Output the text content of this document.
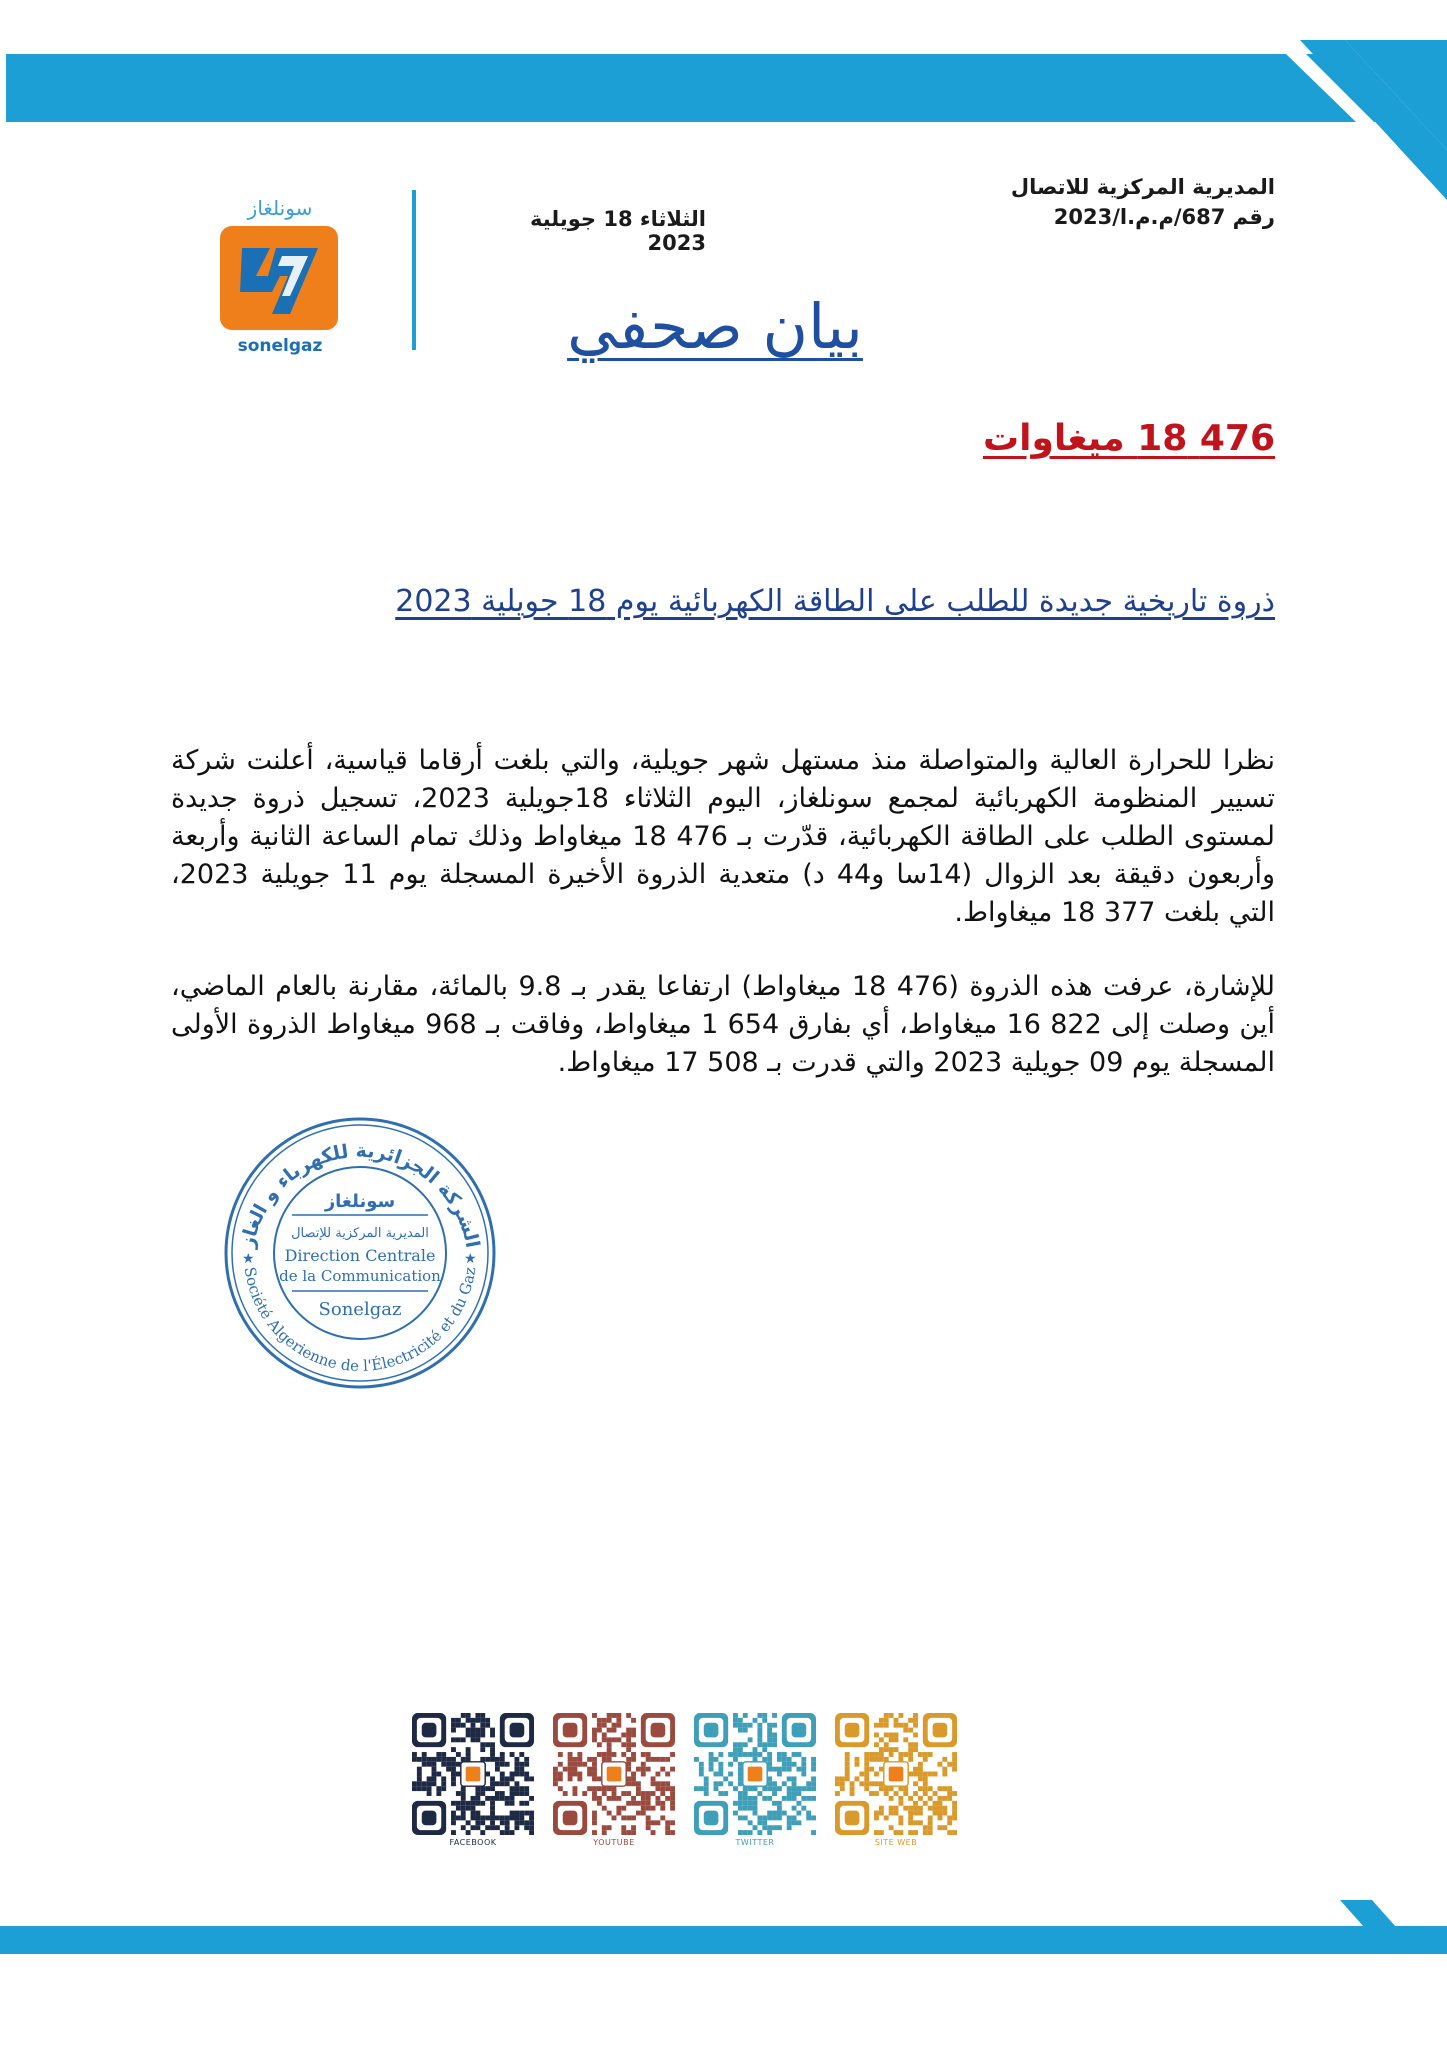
المديرية المركزية للاتصال
رقم 687/م.م.ا/2023
الثلاثاء 18 جويلية 2023
سونلغاز
sonelgaz	بيان صحفي
476 18 ميغاوات
ذروة تاريخية جديدة للطلب على الطاقة الكهربائية يوم 18 جويلية 2023
نظرا للحرارة العالية والمتواصلة منذ مستهل شهر جويلية، والتي بلغت أرقاما قياسية، أعلنت شركة تسيير المنظومة الكهربائية لمجمع سونلغاز، اليوم الثلاثاء 18جويلية 2023، تسجيل ذروة جديدة لمستوى الطلب على الطاقة الكهربائية، قدّرت بـ 476 18 ميغاواط وذلك تمام الساعة الثانية وأربعة وأربعون دقيقة بعد الزوال (14سا و44 د) متعدية الذروة الأخيرة المسجلة يوم 11 جويلية 2023، التي بلغت 377 18 ميغاواط.
للإشارة، عرفت هذه الذروة (476 18 ميغاواط) ارتفاعا يقدر بـ 9.8 بالمائة، مقارنة بالعام الماضي، أين وصلت إلى 822 16 ميغاواط، أي بفارق 654 1 ميغاواط، وفاقت بـ 968 ميغاواط الذروة الأولى المسجلة يوم 09 جويلية 2023 والتي قدرت بـ 508 17 ميغاواط.
الشركة الجزائرية للكهرباء و الغاز
Société Algerienne de l'Électricité et du Gaz
★	★
سونلغاز
المديرية المركزية للإتصال
Direction Centrale
de la Communication
Sonelgaz
FACEBOOK	YOUTUBE	TWITTER	SITE WEB
